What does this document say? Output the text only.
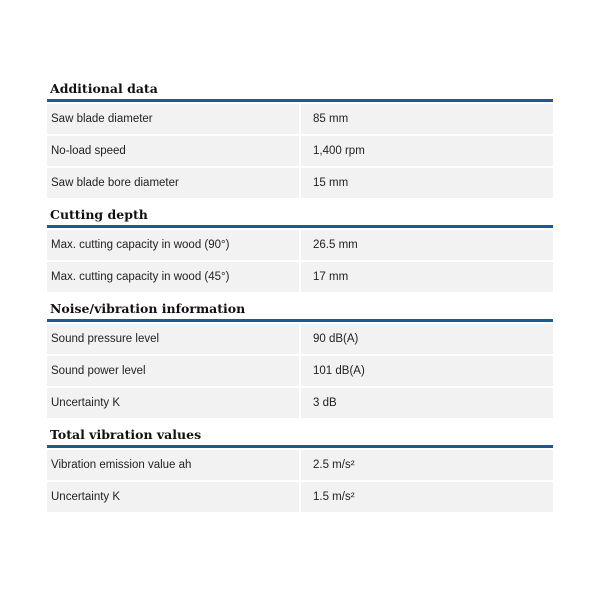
Additional data
Saw blade diameter	85 mm
No-load speed	1,400 rpm
Saw blade bore diameter	15 mm
Cutting depth
Max. cutting capacity in wood (90°)	26.5 mm
Max. cutting capacity in wood (45°)	17 mm
Noise/vibration information
Sound pressure level	90 dB(A)
Sound power level	101 dB(A)
Uncertainty K	3 dB
Total vibration values
Vibration emission value ah	2.5 m/s²
Uncertainty K	1.5 m/s²
